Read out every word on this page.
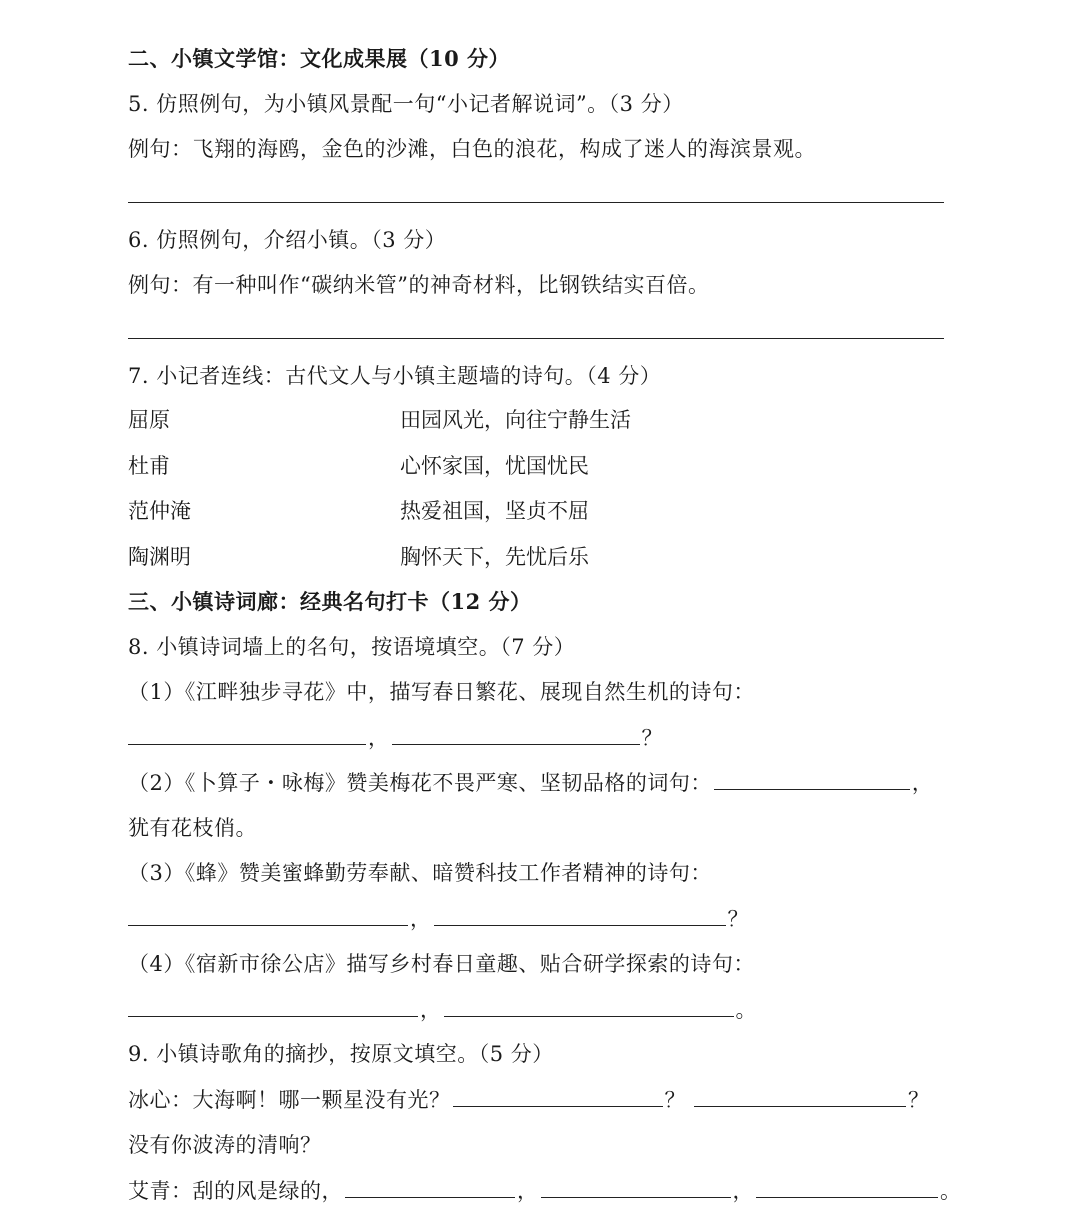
二、小镇文学馆：文化成果展（10 分）
5. 仿照例句，为小镇风景配一句“小记者解说词”。（3 分）
例句：飞翔的海鸥，金色的沙滩，白色的浪花，构成了迷人的海滨景观。
6. 仿照例句，介绍小镇。（3 分）
例句：有一种叫作“碳纳米管”的神奇材料，比钢铁结实百倍。
7. 小记者连线：古代文人与小镇主题墙的诗句。（4 分）
屈原	田园风光，向往宁静生活
杜甫	心怀家国，忧国忧民
范仲淹	热爱祖国，坚贞不屈
陶渊明	胸怀天下，先忧后乐
三、小镇诗词廊：经典名句打卡（12 分）
8. 小镇诗词墙上的名句，按语境填空。（7 分）
（1）《江畔独步寻花》中，描写春日繁花、展现自然生机的诗句：
，	？
（2）《卜算子・咏梅》赞美梅花不畏严寒、坚韧品格的词句：	，
犹有花枝俏。
（3）《蜂》赞美蜜蜂勤劳奉献、暗赞科技工作者精神的诗句：
，	？
（4）《宿新市徐公店》描写乡村春日童趣、贴合研学探索的诗句：
，	。
9. 小镇诗歌角的摘抄，按原文填空。（5 分）
冰心：大海啊！哪一颗星没有光？	？	？
没有你波涛的清响？
艾青：刮的风是绿的，	，	，	。
